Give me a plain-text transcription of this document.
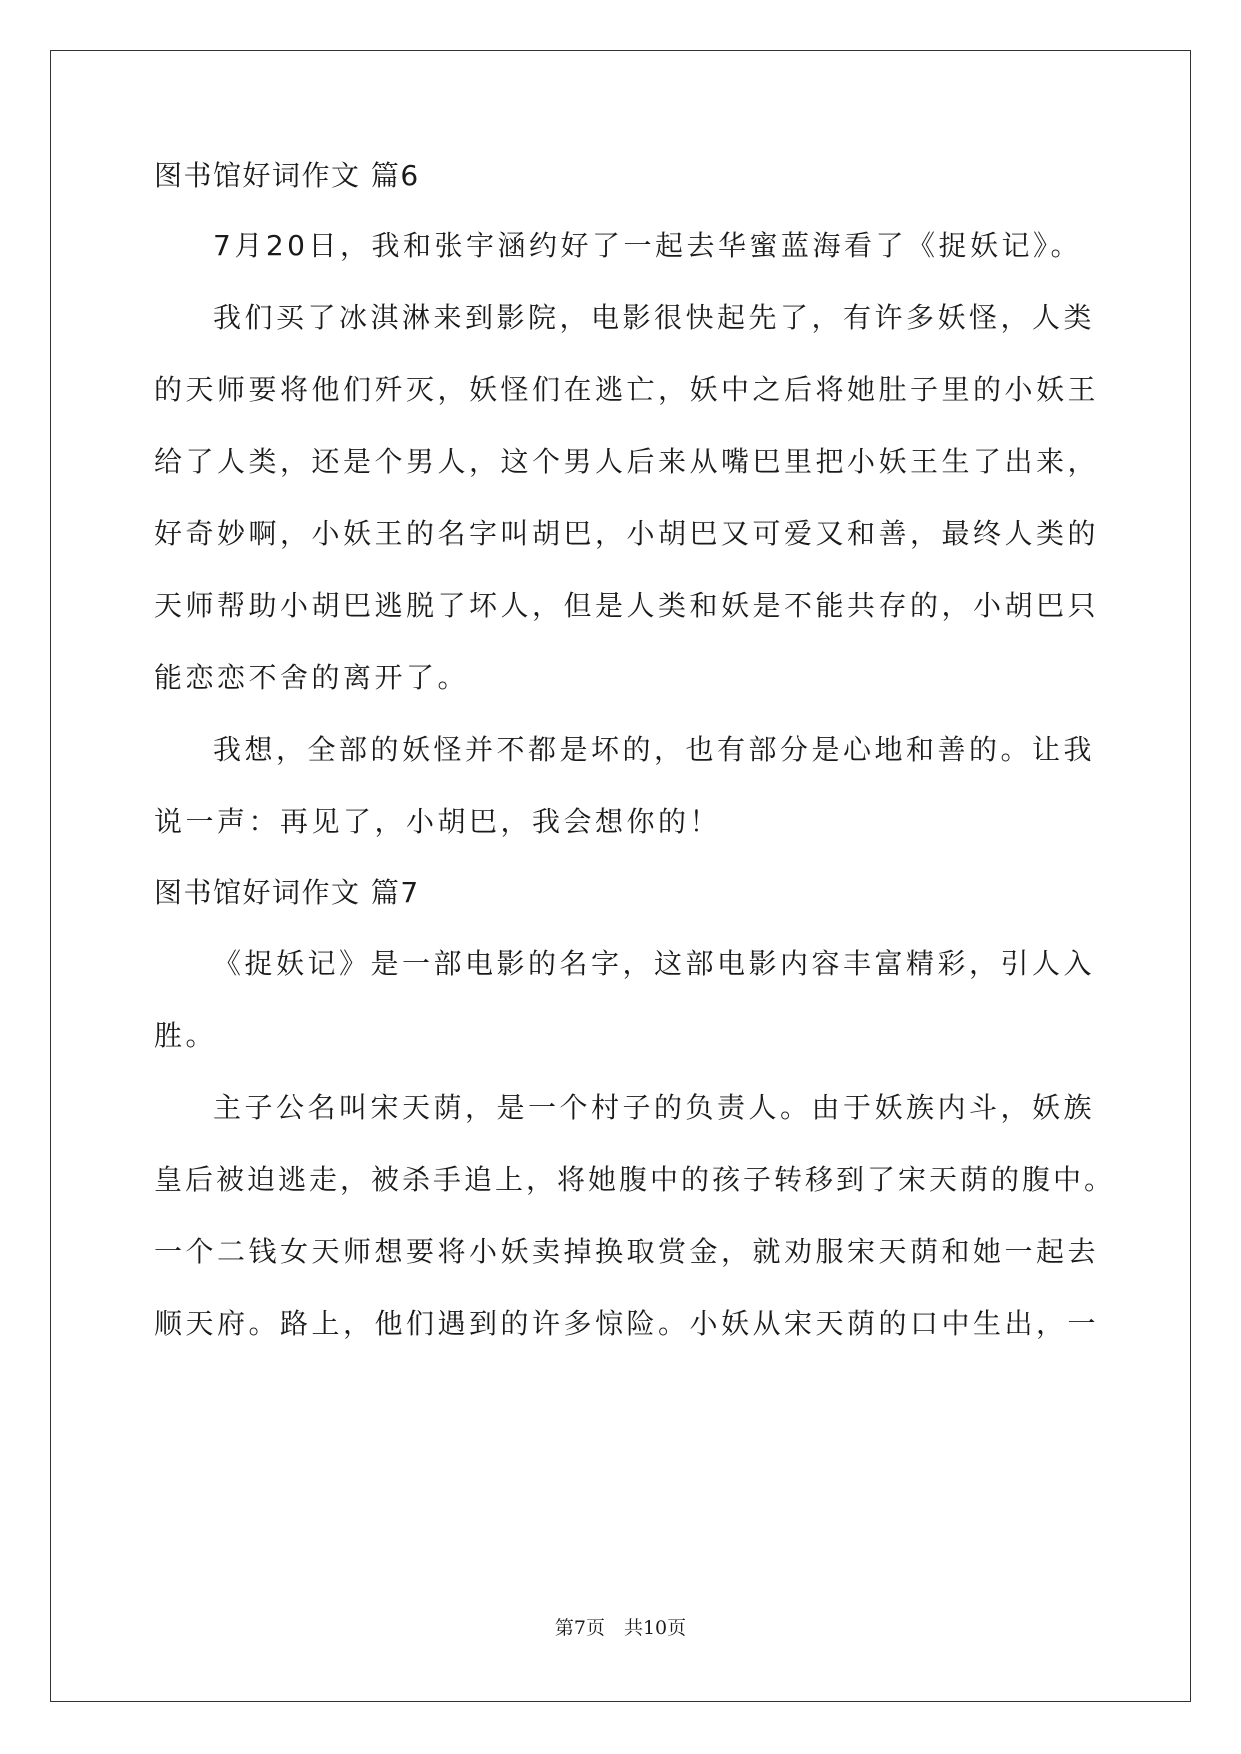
图书馆好词作文 篇6
7月20日，我和张宇涵约好了一起去华蜜蓝海看了《捉妖记》。
我们买了冰淇淋来到影院，电影很快起先了，有许多妖怪，人类
的天师要将他们歼灭，妖怪们在逃亡，妖中之后将她肚子里的小妖王
给了人类，还是个男人，这个男人后来从嘴巴里把小妖王生了出来，
好奇妙啊，小妖王的名字叫胡巴，小胡巴又可爱又和善，最终人类的
天师帮助小胡巴逃脱了坏人，但是人类和妖是不能共存的，小胡巴只
能恋恋不舍的离开了。
我想，全部的妖怪并不都是坏的，也有部分是心地和善的。让我
说一声：再见了，小胡巴，我会想你的！
图书馆好词作文 篇7
《捉妖记》是一部电影的名字，这部电影内容丰富精彩，引人入
胜。
主子公名叫宋天荫，是一个村子的负责人。由于妖族内斗，妖族
皇后被迫逃走，被杀手追上，将她腹中的孩子转移到了宋天荫的腹中。
一个二钱女天师想要将小妖卖掉换取赏金，就劝服宋天荫和她一起去
顺天府。路上，他们遇到的许多惊险。小妖从宋天荫的口中生出，一
第7页　共10页
